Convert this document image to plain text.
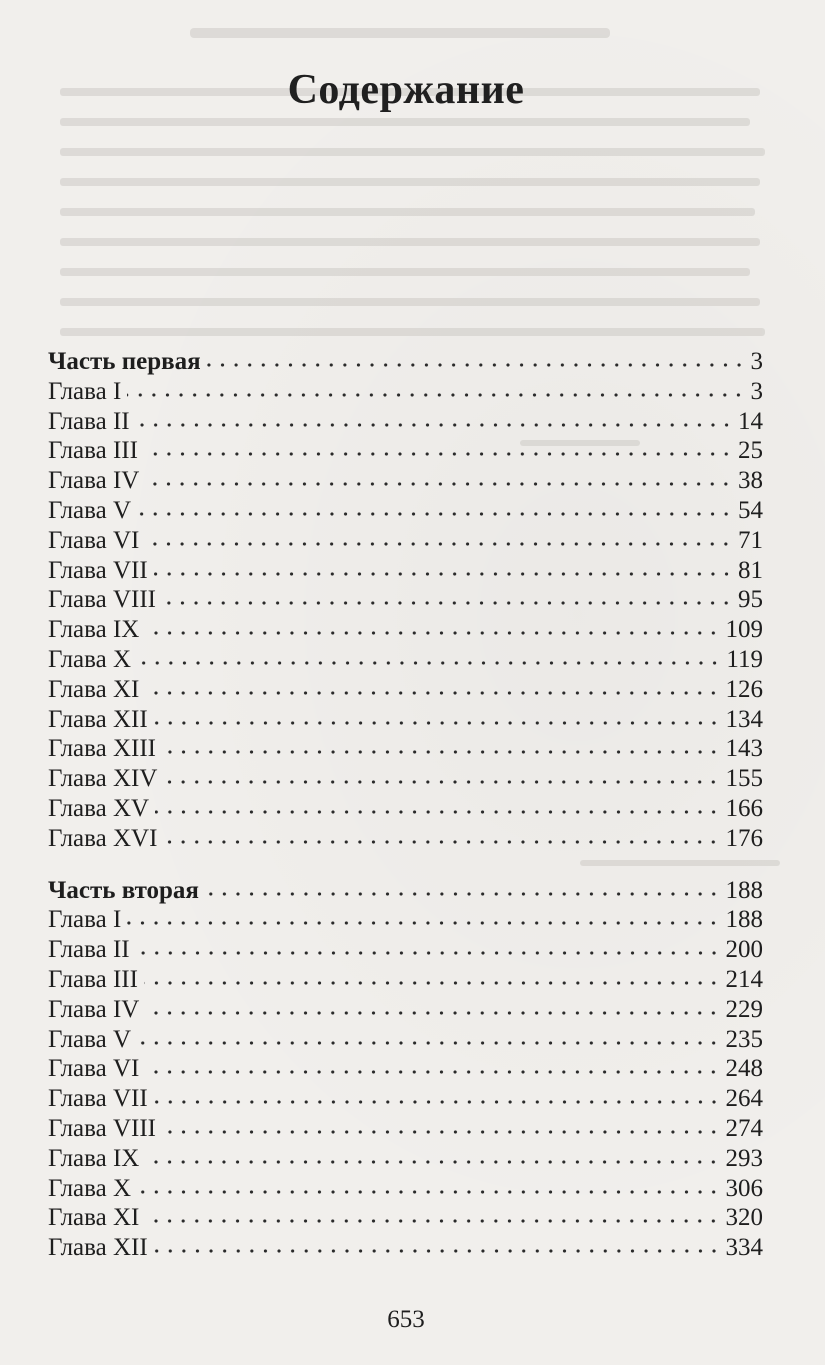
Содержание
Часть первая	3
Глава I	3
Глава II	14
Глава III	25
Глава IV	38
Глава V	54
Глава VI	71
Глава VII	81
Глава VIII	95
Глава IX	109
Глава X	119
Глава XI	126
Глава XII	134
Глава XIII	143
Глава XIV	155
Глава XV	166
Глава XVI	176
Часть вторая	188
Глава I	188
Глава II	200
Глава III	214
Глава IV	229
Глава V	235
Глава VI	248
Глава VII	264
Глава VIII	274
Глава IX	293
Глава X	306
Глава XI	320
Глава XII	334
653
